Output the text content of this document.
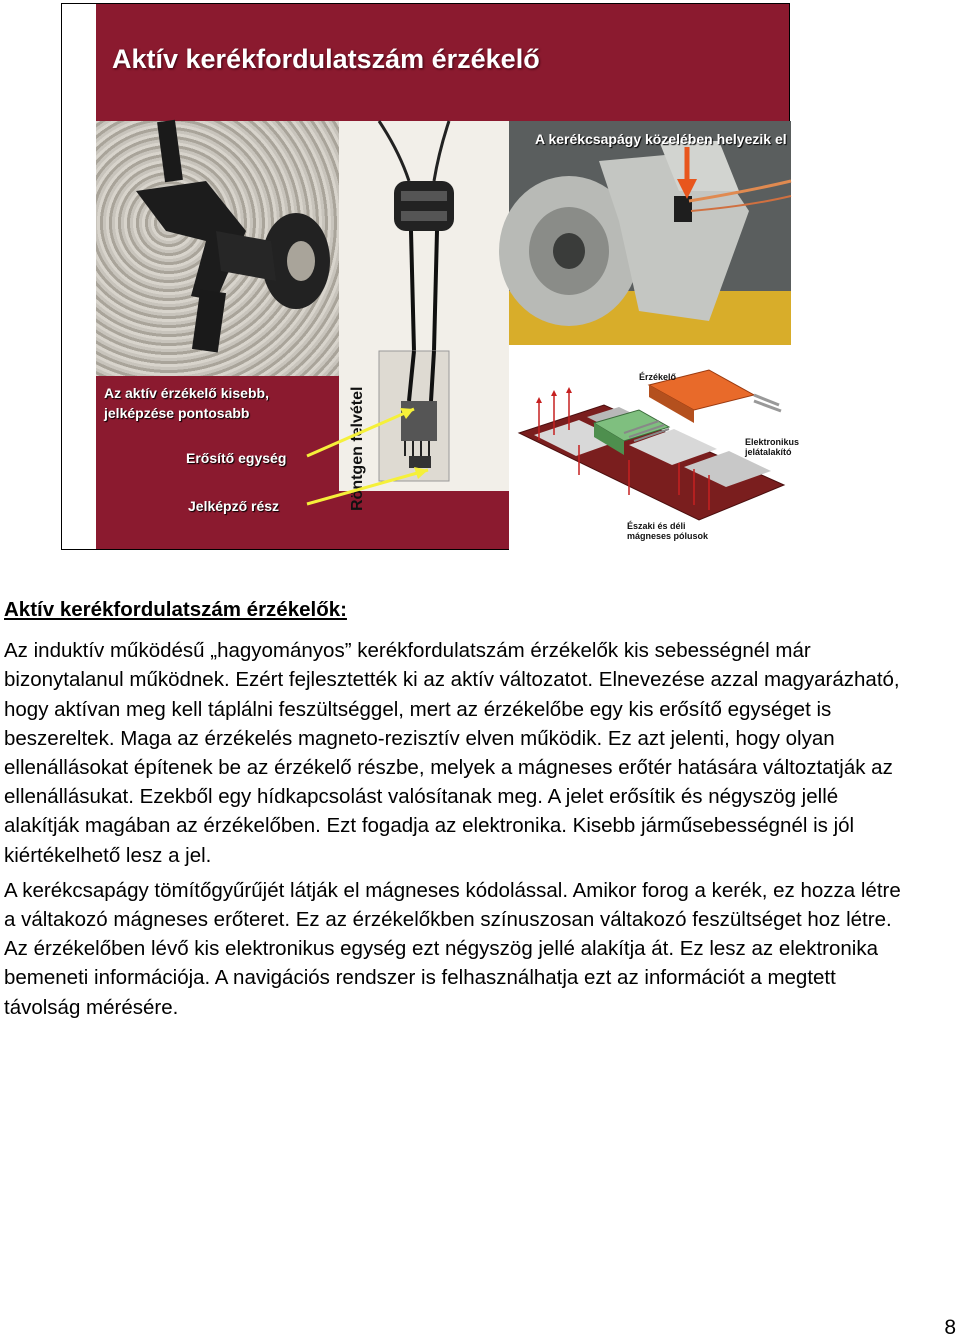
Aktív kerékfordulatszám érzékelő
Röntgen felvétel
A kerékcsapágy közelében helyezik el
Érzékelő
Elektronikus
jelátalakító
Északi és déli
mágneses pólusok
Az aktív érzékelő kisebb,
jelképzése pontosabb
Erősítő egység
Jelképző rész
Aktív kerékfordulatszám érzékelők:
Az induktív működésű „hagyományos” kerékfordulatszám érzékelők kis sebességnél már bizonytalanul működnek. Ezért fejlesztették ki az aktív változatot. Elnevezése azzal magyarázható, hogy aktívan meg kell táplálni feszültséggel, mert az érzékelőbe egy kis erősítő egységet is beszereltek. Maga az érzékelés magneto-rezisztív elven működik. Ez azt jelenti, hogy olyan ellenállásokat építenek be az érzékelő részbe, melyek a mágneses erőtér hatására változtatják az ellenállásukat. Ezekből egy hídkapcsolást valósítanak meg. A jelet erősítik és négyszög jellé alakítják magában az érzékelőben. Ezt fogadja az elektronika. Kisebb járműsebességnél is jól kiértékelhető lesz a jel.
A kerékcsapágy tömítőgyűrűjét látják el mágneses kódolással. Amikor forog a kerék, ez hozza létre a váltakozó mágneses erőteret. Ez az érzékelőkben színuszosan váltakozó feszültséget hoz létre. Az érzékelőben lévő kis elektronikus egység ezt négyszög jellé alakítja át. Ez lesz az elektronika bemeneti információja. A navigációs rendszer is felhasználhatja ezt az információt a megtett távolság mérésére.
8
